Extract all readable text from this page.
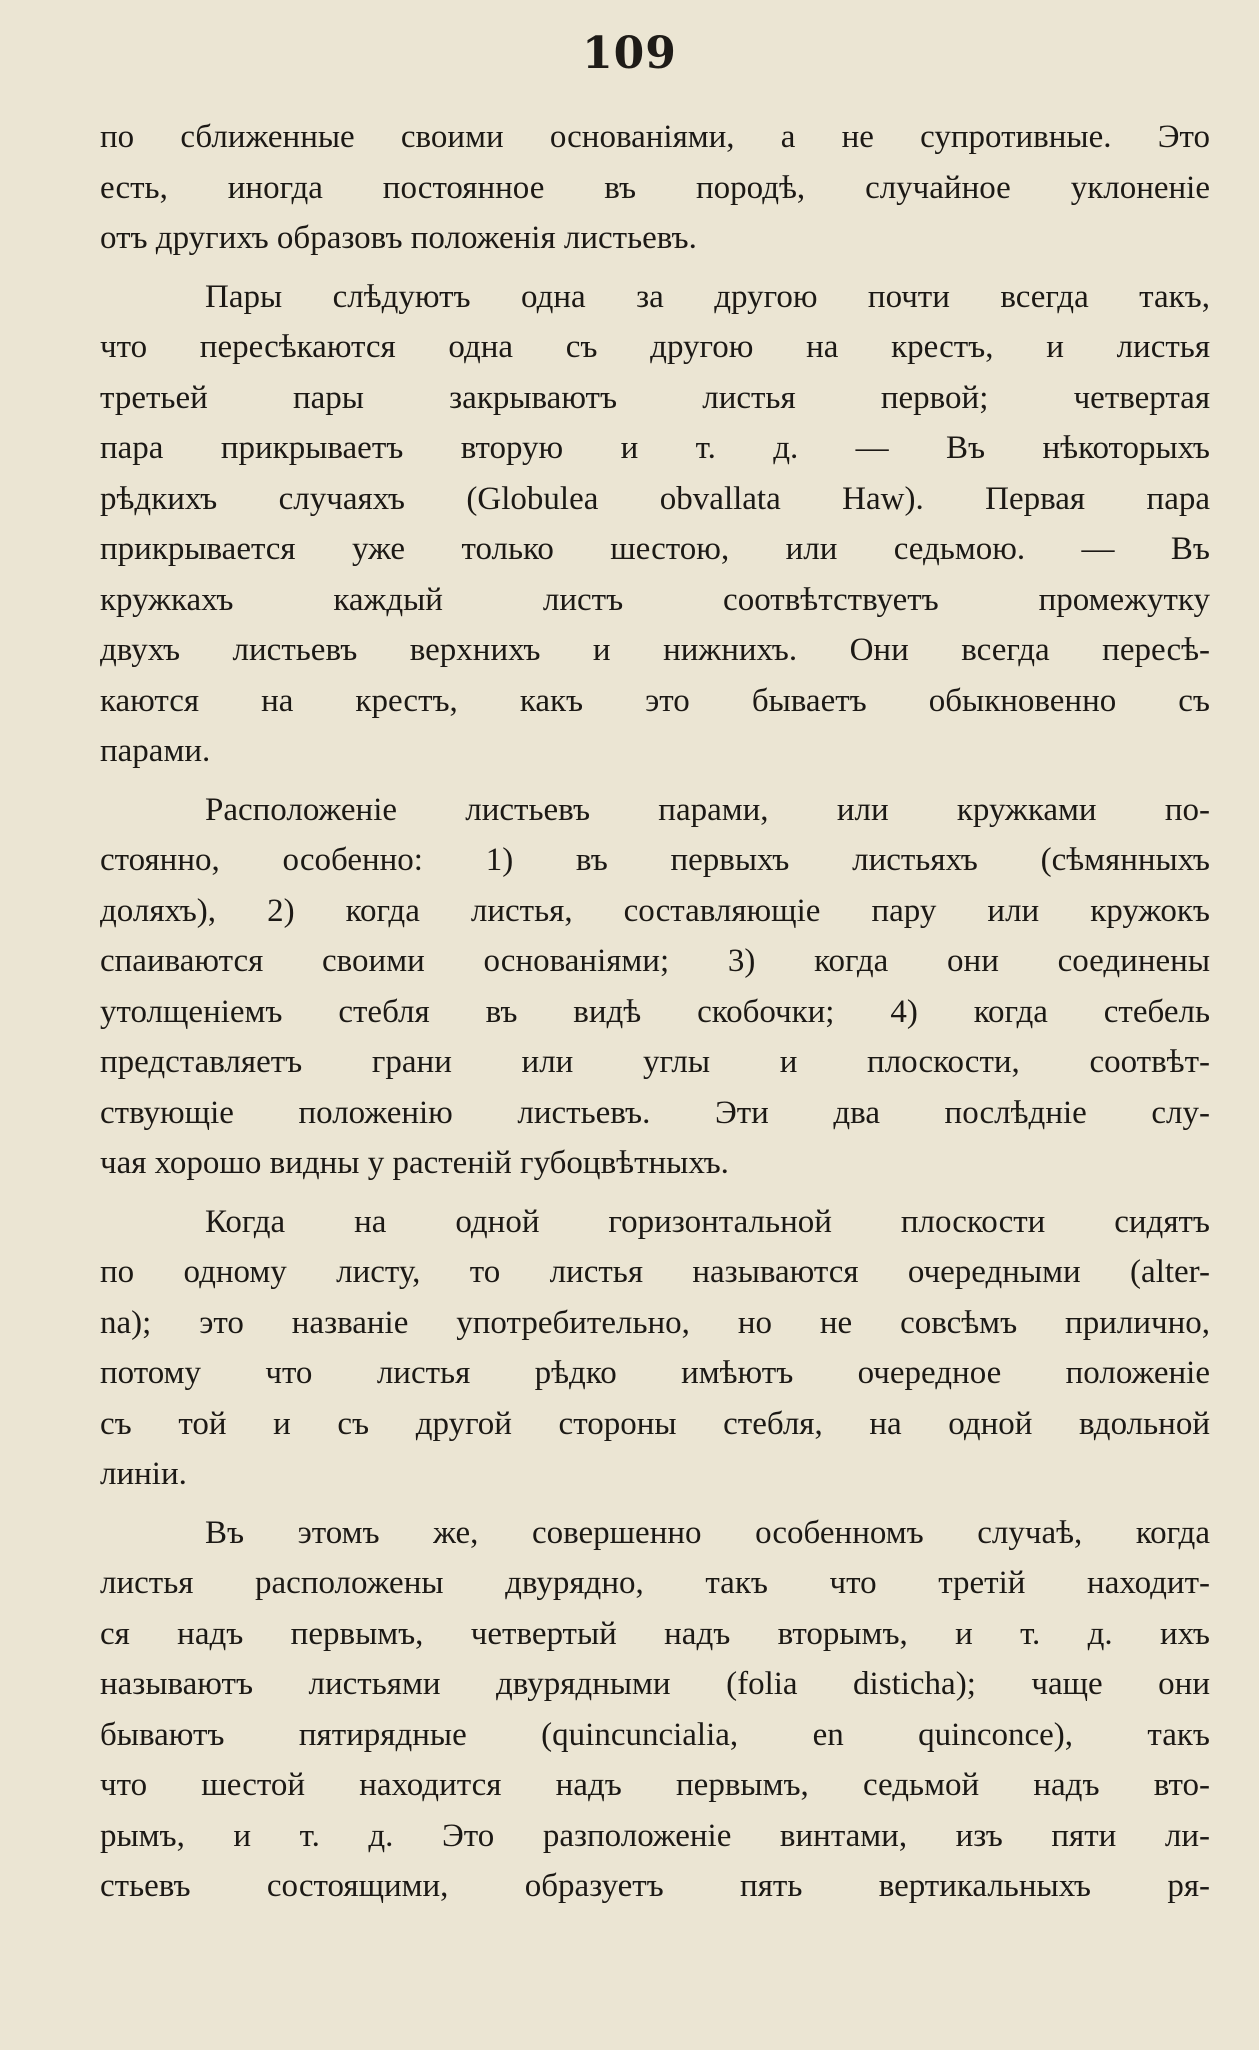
109
по сближенные своими основаніями, а не супротивные. Это
есть, иногда постоянное въ породѣ, случайное уклоненіе
отъ другихъ образовъ положенія листьевъ.
Пары слѣдуютъ одна за другою почти всегда такъ,
что пересѣкаются одна съ другою на крестъ, и листья
третьей пары закрываютъ листья первой; четвертая
пара прикрываетъ вторую и т. д. — Въ нѣкоторыхъ
рѣдкихъ случаяхъ (Globulea obvallata Haw). Первая пара
прикрывается уже только шестою, или седьмою. — Въ
кружкахъ каждый листъ соотвѣтствуетъ промежутку
двухъ листьевъ верхнихъ и нижнихъ. Они всегда пересѣ-
каются на крестъ, какъ это бываетъ обыкновенно съ
парами.
Расположеніе листьевъ парами, или кружками по-
стоянно, особенно: 1) въ первыхъ листьяхъ (сѣмянныхъ
доляхъ), 2) когда листья, составляющіе пару или кружокъ
спаиваются своими основаніями; 3) когда они соединены
утолщеніемъ стебля въ видѣ скобочки; 4) когда стебель
представляетъ грани или углы и плоскости, соотвѣт-
ствующіе положенію листьевъ. Эти два послѣдніе слу-
чая хорошо видны у растеній губоцвѣтныхъ.
Когда на одной горизонтальной плоскости сидятъ
по одному листу, то листья называются очередными (alter-
na); это названіе употребительно, но не совсѣмъ прилично,
потому что листья рѣдко имѣютъ очередное положеніе
съ той и съ другой стороны стебля, на одной вдольной
линіи.
Въ этомъ же, совершенно особенномъ случаѣ, когда
листья расположены двурядно, такъ что третій находит-
ся надъ первымъ, четвертый надъ вторымъ, и т. д. ихъ
называютъ листьями двурядными (folia disticha); чаще они
бываютъ пятирядные (quincuncialia, en quinconce), такъ
что шестой находится надъ первымъ, седьмой надъ вто-
рымъ, и т. д. Это разположеніе винтами, изъ пяти ли-
стьевъ состоящими, образуетъ пять вертикальныхъ ря-
